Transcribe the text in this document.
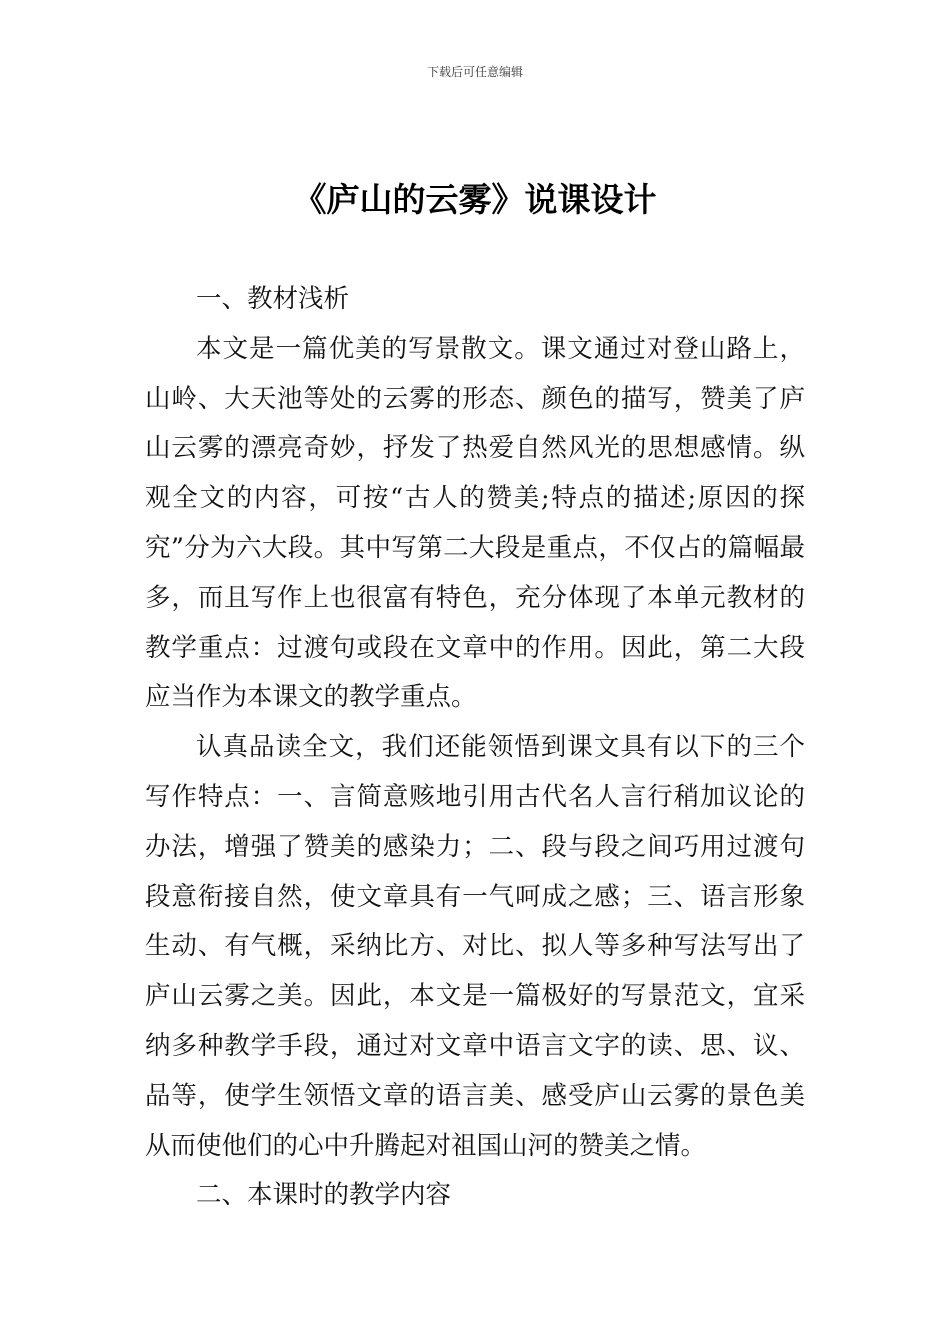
下载后可任意编辑
《庐山的云雾》说课设计

一、教材浅析

本文是一篇优美的写景散文。课文通过对登山路上，山岭、大天池等处的云雾的形态、颜色的描写，赞美了庐山云雾的漂亮奇妙，抒发了热爱自然风光的思想感情。纵观全文的内容，可按“古人的赞美;特点的描述;原因的探究”分为六大段。其中写第二大段是重点，不仅占的篇幅最多，而且写作上也很富有特色，充分体现了本单元教材的教学重点：过渡句或段在文章中的作用。因此，第二大段应当作为本课文的教学重点。

认真品读全文，我们还能领悟到课文具有以下的三个写作特点：一、言简意赅地引用古代名人言行稍加议论的办法，增强了赞美的感染力；二、段与段之间巧用过渡句段意衔接自然，使文章具有一气呵成之感；三、语言形象生动、有气概，采纳比方、对比、拟人等多种写法写出了庐山云雾之美。因此，本文是一篇极好的写景范文，宜采纳多种教学手段，通过对文章中语言文字的读、思、议、品等，使学生领悟文章的语言美、感受庐山云雾的景色美从而使他们的心中升腾起对祖国山河的赞美之情。

二、本课时的教学内容
